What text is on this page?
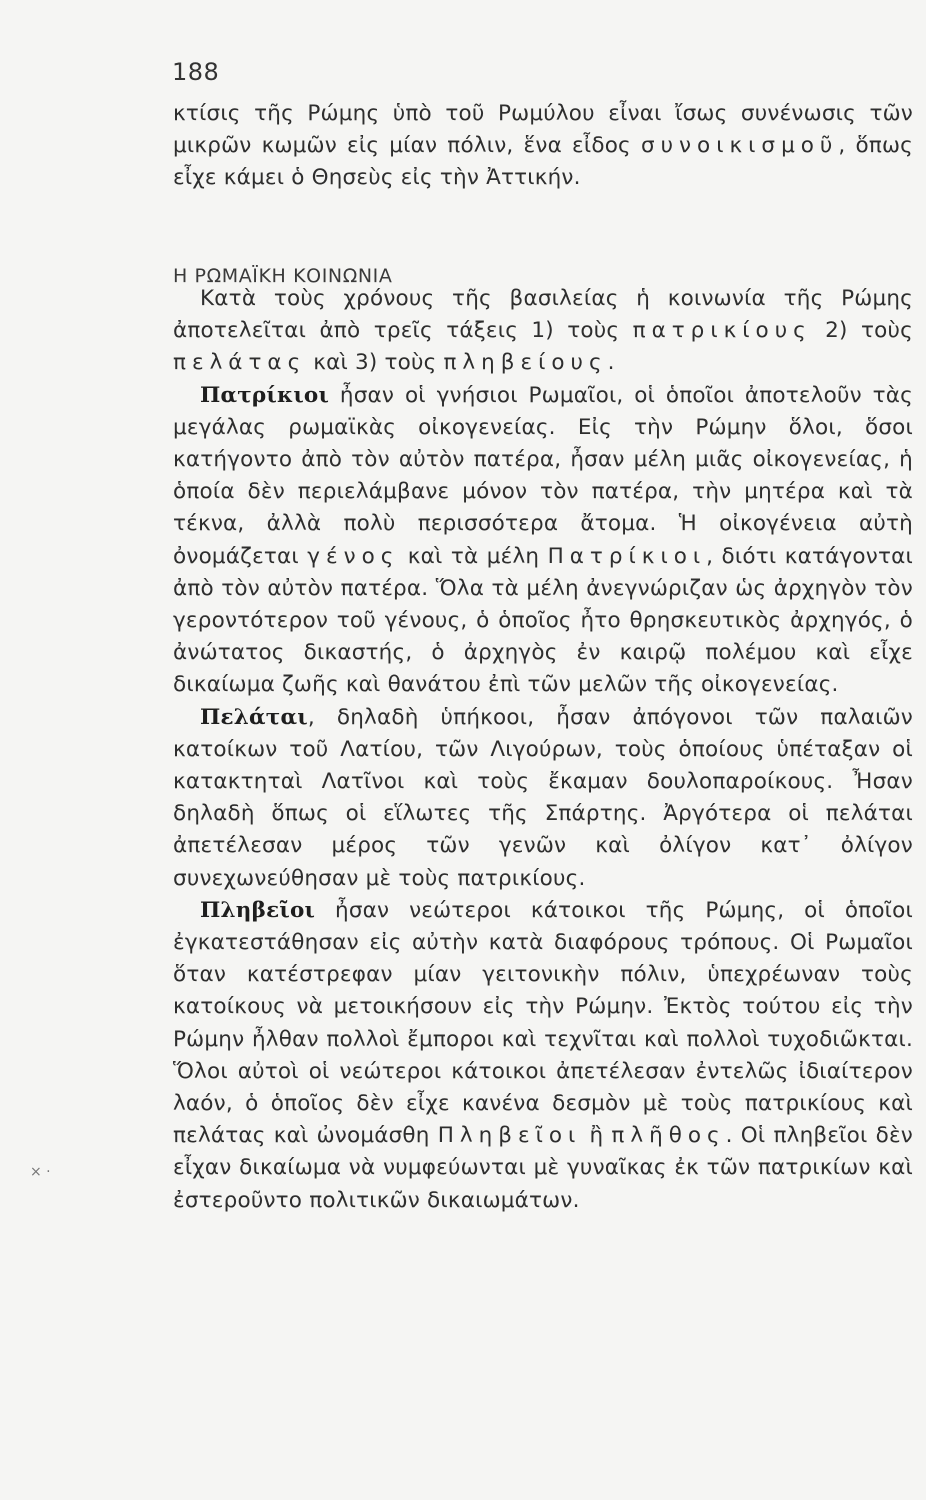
188

κτίσις τῆς Ρώμης ὑπὸ τοῦ Ρωμύλου εἶναι ἴσως συνένωσις τῶν μικρῶν κωμῶν εἰς μίαν πόλιν, ἕνα εἶδος συνοικισμοῦ, ὅπως εἶχε κάμει ὁ Θησεὺς εἰς τὴν Ἀττικήν.

Η ΡΩΜΑΪΚΗ ΚΟΙΝΩΝΙΑ

Κατὰ τοὺς χρόνους τῆς βασιλείας ἡ κοινωνία τῆς Ρώμης ἀποτελεῖται ἀπὸ τρεῖς τάξεις 1) τοὺς πατρικίους 2) τοὺς πελάτας καὶ 3) τοὺς πληβείους.

Πατρίκιοι ἦσαν οἱ γνήσιοι Ρωμαῖοι, οἱ ὁποῖοι ἀποτελοῦν τὰς μεγάλας ρωμαϊκὰς οἰκογενείας. Εἰς τὴν Ρώμην ὅλοι, ὅσοι κατήγοντο ἀπὸ τὸν αὐτὸν πατέρα, ἦσαν μέλη μιᾶς οἰκογενείας, ἡ ὁποία δὲν περιελάμβανε μόνον τὸν πατέρα, τὴν μητέρα καὶ τὰ τέκνα, ἀλλὰ πολὺ περισσότερα ἄτομα. Ἡ οἰκογένεια αὐτὴ ὀνομάζεται γένος καὶ τὰ μέλη Πατρίκιοι, διότι κατάγονται ἀπὸ τὸν αὐτὸν πατέρα. Ὅλα τὰ μέλη ἀνεγνώριζαν ὡς ἀρχηγὸν τὸν γεροντότερον τοῦ γένους, ὁ ὁποῖος ἦτο θρησκευτικὸς ἀρχηγός, ὁ ἀνώτατος δικαστής, ὁ ἀρχηγὸς ἐν καιρῷ πολέμου καὶ εἶχε δικαίωμα ζωῆς καὶ θανάτου ἐπὶ τῶν μελῶν τῆς οἰκογενείας.

Πελάται, δηλαδὴ ὑπήκοοι, ἦσαν ἀπόγονοι τῶν παλαιῶν κατοίκων τοῦ Λατίου, τῶν Λιγούρων, τοὺς ὁποίους ὑπέταξαν οἱ κατακτηταὶ Λατῖνοι καὶ τοὺς ἔκαμαν δουλοπαροίκους. Ἦσαν δηλαδὴ ὅπως οἱ εἵλωτες τῆς Σπάρτης. Ἀργότερα οἱ πελάται ἀπετέλεσαν μέρος τῶν γενῶν καὶ ὀλίγον κατ᾽ ὀλίγον συνεχωνεύθησαν μὲ τοὺς πατρικίους.

Πληβεῖοι ἦσαν νεώτεροι κάτοικοι τῆς Ρώμης, οἱ ὁποῖοι ἐγκατεστάθησαν εἰς αὐτὴν κατὰ διαφόρους τρόπους. Οἱ Ρωμαῖοι ὅταν κατέστρεφαν μίαν γειτονικὴν πόλιν, ὑπεχρέωναν τοὺς κατοίκους νὰ μετοικήσουν εἰς τὴν Ρώμην. Ἐκτὸς τούτου εἰς τὴν Ρώμην ἦλθαν πολλοὶ ἔμποροι καὶ τεχνῖται καὶ πολλοὶ τυχοδιῶκται. Ὅλοι αὐτοὶ οἱ νεώτεροι κάτοικοι ἀπετέλεσαν ἐντελῶς ἰδιαίτερον λαόν, ὁ ὁποῖος δὲν εἶχε κανένα δεσμὸν μὲ τοὺς πατρικίους καὶ πελάτας καὶ ὠνομάσθη Πληβεῖοι ἢ πλῆθος. Οἱ πληβεῖοι δὲν εἶχαν δικαίωμα νὰ νυμφεύωνται μὲ γυναῖκας ἐκ τῶν πατρικίων καὶ ἐστεροῦντο πολιτικῶν δικαιωμάτων.

× ·
